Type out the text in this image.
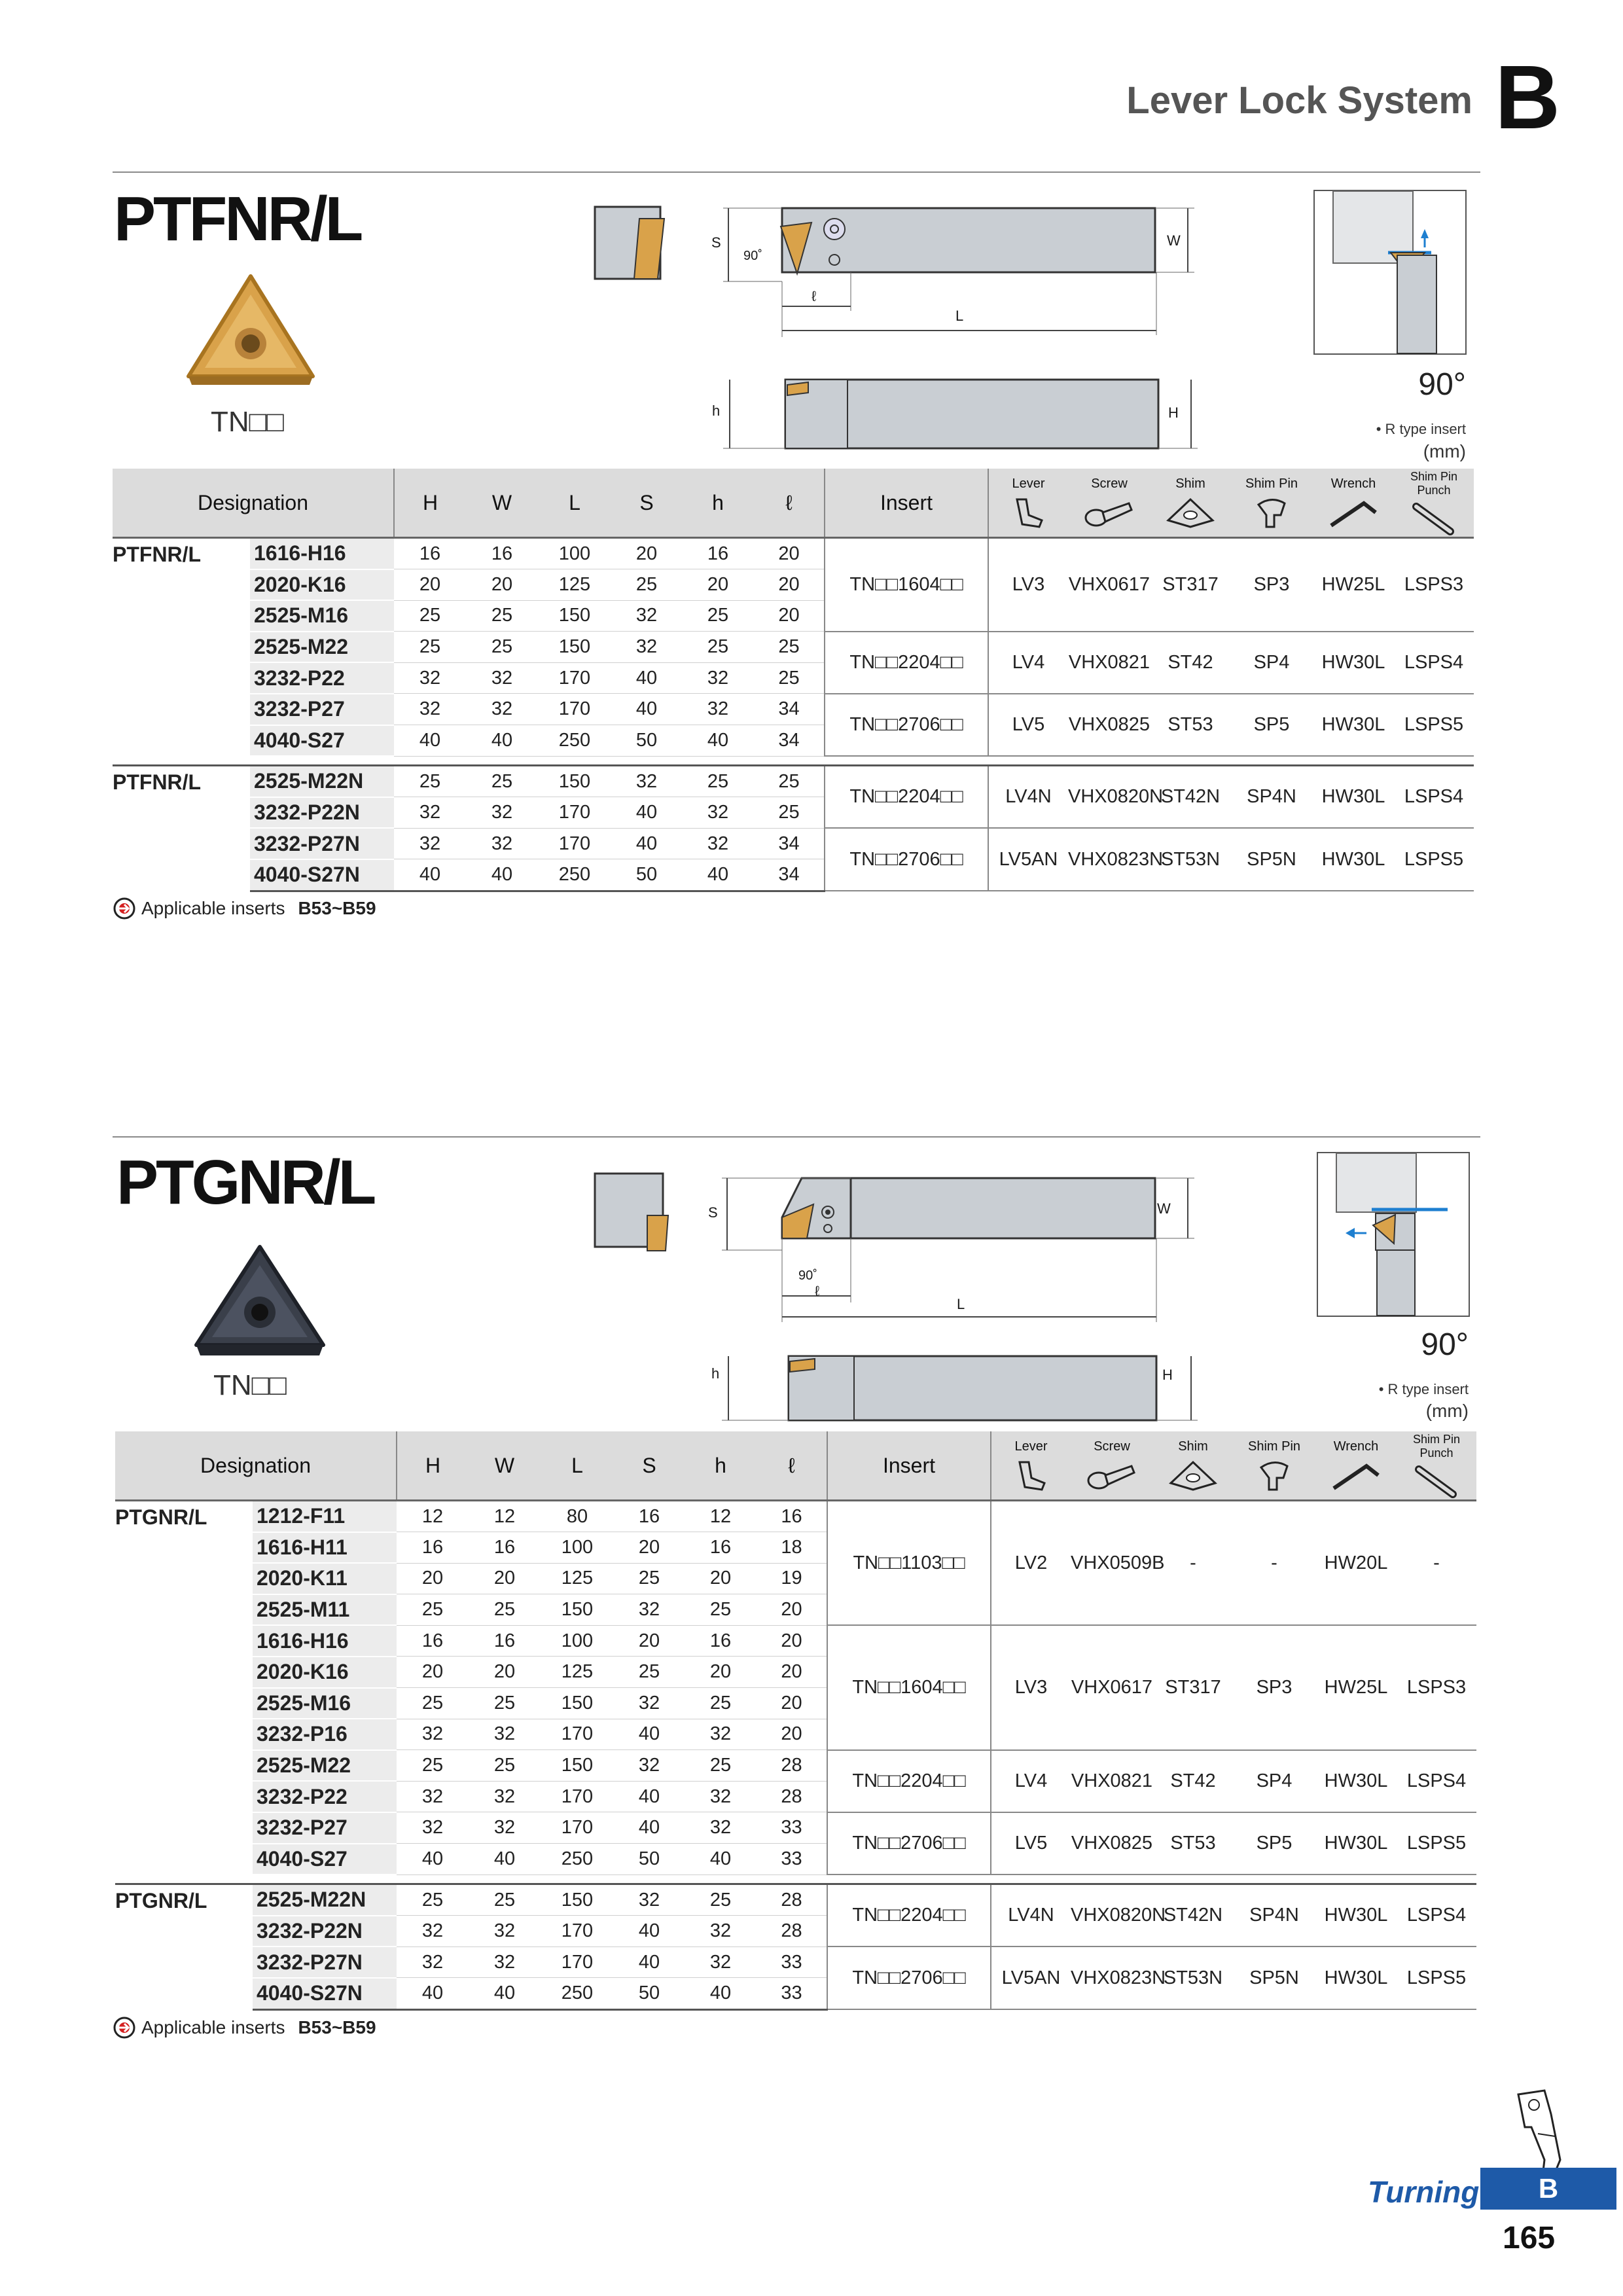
Lever Lock System B
PTFNR/L
TN□□
S
90˚
W
ℓ
L
h	H
90°
• R type insert
(mm)
Designation		H	W	L	S	h	ℓ	Insert	Lever	Screw	Shim	Shim Pin	Wrench	Shim Pin Punch

PTFNR/L	1616-H16	16	16	100	20	16	20	TN□□1604□□	LV3	VHX0617	ST317	SP3	HW25L	LSPS3
	2020-K16	20	20	125	25	20	20							
	2525-M16	25	25	150	32	25	20							
	2525-M22	25	25	150	32	25	25	TN□□2204□□	LV4	VHX0821	ST42	SP4	HW30L	LSPS4
	3232-P22	32	32	170	40	32	25							
	3232-P27	32	32	170	40	32	34	TN□□2706□□	LV5	VHX0825	ST53	SP5	HW30L	LSPS5
	4040-S27	40	40	250	50	40	34							

PTFNR/L	2525-M22N	25	25	150	32	25	25	TN□□2204□□	LV4N	VHX0820N	ST42N	SP4N	HW30L	LSPS4
	3232-P22N	32	32	170	40	32	25							
	3232-P27N	32	32	170	40	32	34	TN□□2706□□	LV5AN	VHX0823N	ST53N	SP5N	HW30L	LSPS5
	4040-S27N	40	40	250	50	40	34							
Applicable inserts B53~B59
PTGNR/L
TN□□
S
90˚
W
ℓ
L
h	H
90°
• R type insert
(mm)
Designation		H	W	L	S	h	ℓ	Insert	Lever	Screw	Shim	Shim Pin	Wrench	Shim Pin Punch

PTGNR/L	1212-F11	12	12	80	16	12	16	TN□□1103□□	LV2	VHX0509B	-	-	HW20L	-
	1616-H11	16	16	100	20	16	18							
	2020-K11	20	20	125	25	20	19							
	2525-M11	25	25	150	32	25	20							
	1616-H16	16	16	100	20	16	20	TN□□1604□□	LV3	VHX0617	ST317	SP3	HW25L	LSPS3
	2020-K16	20	20	125	25	20	20							
	2525-M16	25	25	150	32	25	20							
	3232-P16	32	32	170	40	32	20							
	2525-M22	25	25	150	32	25	28	TN□□2204□□	LV4	VHX0821	ST42	SP4	HW30L	LSPS4
	3232-P22	32	32	170	40	32	28							
	3232-P27	32	32	170	40	32	33	TN□□2706□□	LV5	VHX0825	ST53	SP5	HW30L	LSPS5
	4040-S27	40	40	250	50	40	33							

PTGNR/L	2525-M22N	25	25	150	32	25	28	TN□□2204□□	LV4N	VHX0820N	ST42N	SP4N	HW30L	LSPS4
	3232-P22N	32	32	170	40	32	28							
	3232-P27N	32	32	170	40	32	33	TN□□2706□□	LV5AN	VHX0823N	ST53N	SP5N	HW30L	LSPS5
	4040-S27N	40	40	250	50	40	33							
Applicable inserts B53~B59
Turning	B
165
